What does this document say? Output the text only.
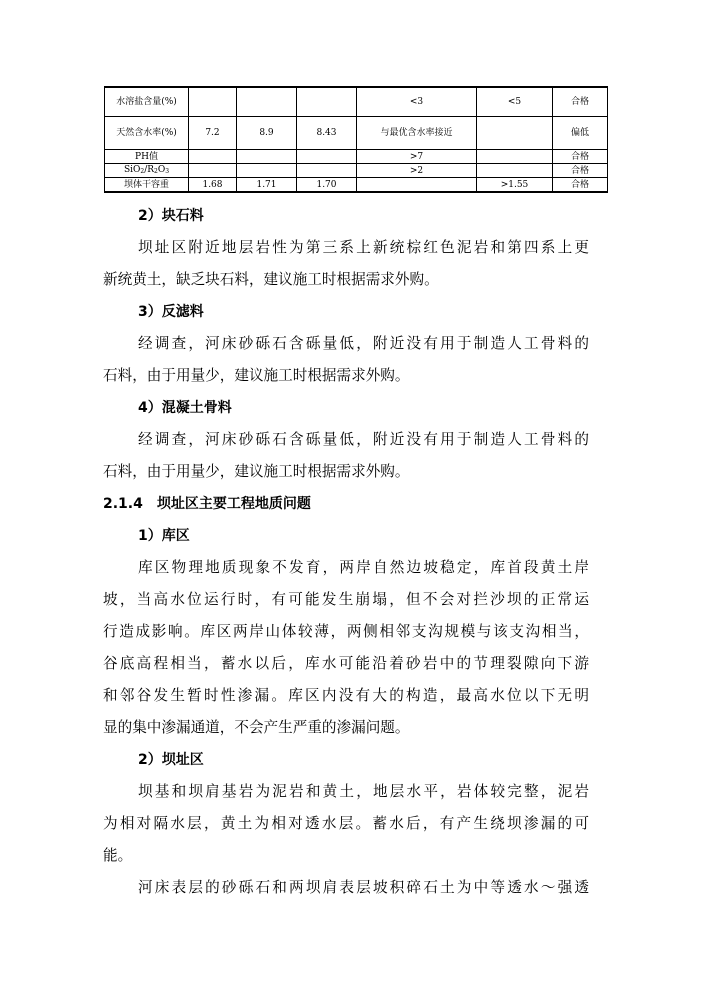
水溶盐含量(%)				<3	<5	合格
天然含水率(%)	7.2	8.9	8.43	与最优含水率接近		偏低
PH值				>7		合格
SiO2/R2O3				>2		合格
坝体干容重	1.68	1.71	1.70		>1.55	合格
2）块石料
坝址区附近地层岩性为第三系上新统棕红色泥岩和第四系上更
新统黄土，缺乏块石料，建议施工时根据需求外购。
3）反滤料
经调查，河床砂砾石含砾量低，附近没有用于制造人工骨料的
石料，由于用量少，建议施工时根据需求外购。
4）混凝土骨料
经调查，河床砂砾石含砾量低，附近没有用于制造人工骨料的
石料，由于用量少，建议施工时根据需求外购。
2.1.4　坝址区主要工程地质问题
1）库区
库区物理地质现象不发育，两岸自然边坡稳定，库首段黄土岸
坡，当高水位运行时，有可能发生崩塌，但不会对拦沙坝的正常运
行造成影响。库区两岸山体较薄，两侧相邻支沟规模与该支沟相当，
谷底高程相当，蓄水以后，库水可能沿着砂岩中的节理裂隙向下游
和邻谷发生暂时性渗漏。库区内没有大的构造，最高水位以下无明
显的集中渗漏通道，不会产生严重的渗漏问题。
2）坝址区
坝基和坝肩基岩为泥岩和黄土，地层水平，岩体较完整，泥岩
为相对隔水层，黄土为相对透水层。蓄水后，有产生绕坝渗漏的可
能。
河床表层的砂砾石和两坝肩表层坡积碎石土为中等透水～强透
